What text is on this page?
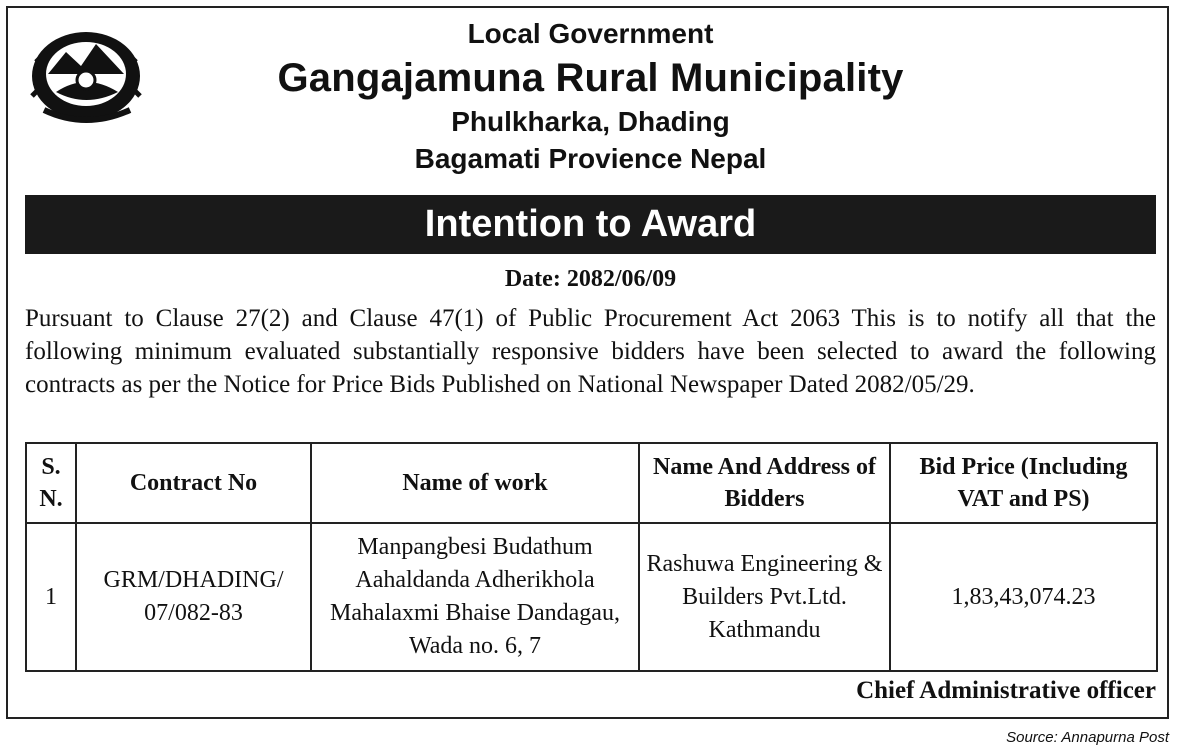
Local Government
Gangajamuna Rural Municipality
Phulkharka, Dhading
Bagamati Provience Nepal
Intention to Award
Date: 2082/06/09
Pursuant to Clause 27(2) and Clause 47(1) of Public Procurement Act 2063 This is to notify all that the following minimum evaluated substantially responsive bidders have been selected to award the following contracts as per the Notice for Price Bids Published on National Newspaper Dated 2082/05/29.
S. N.	Contract No	Name of work	Name And Address of Bidders	Bid Price (Including VAT and PS)
1	GRM/DHADING/ 07/082-83	Manpangbesi Budathum Aahaldanda Adherikhola Mahalaxmi Bhaise Dandagau, Wada no. 6, 7	Rashuwa Engineering & Builders Pvt.Ltd. Kathmandu	1,83,43,074.23
Chief Administrative officer
Source: Annapurna Post
